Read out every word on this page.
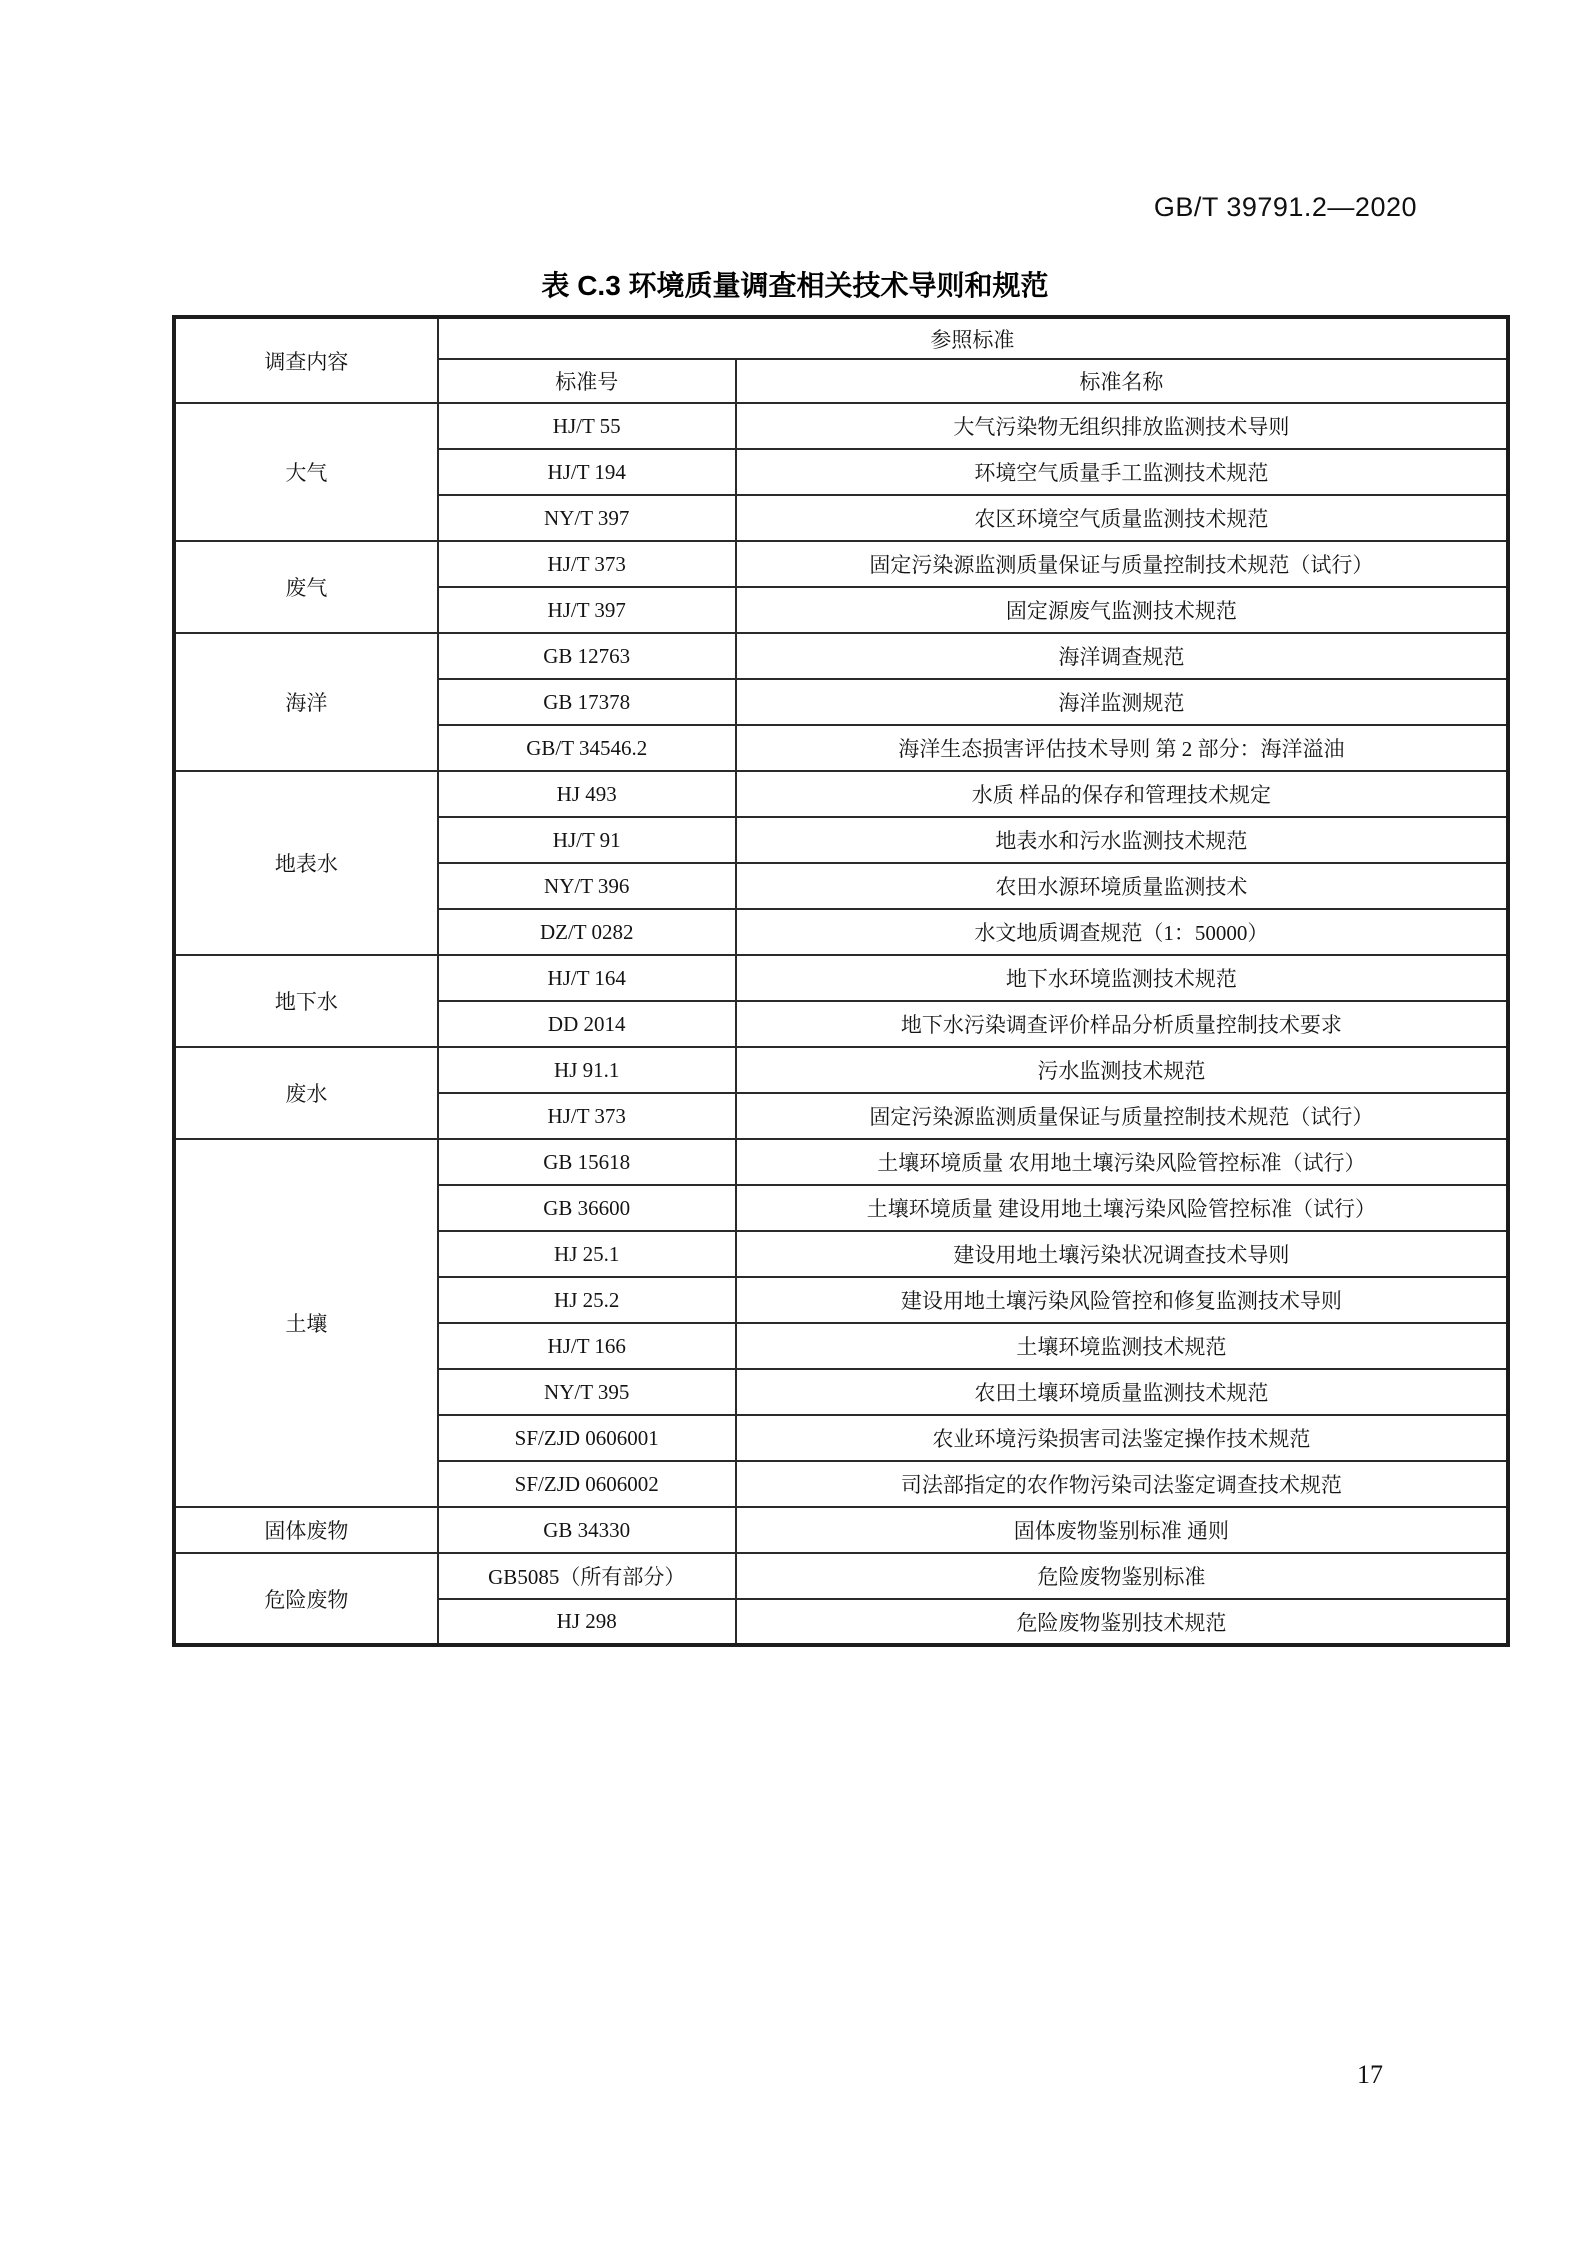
GB/T 39791.2—2020
表 C.3 环境质量调查相关技术导则和规范
调查内容	参照标准	
	标准号	标准名称
大气	HJ/T 55	大气污染物无组织排放监测技术导则
	HJ/T 194	环境空气质量手工监测技术规范
	NY/T 397	农区环境空气质量监测技术规范
废气	HJ/T 373	固定污染源监测质量保证与质量控制技术规范（试行）
	HJ/T 397	固定源废气监测技术规范
海洋	GB 12763	海洋调查规范
	GB 17378	海洋监测规范
	GB/T 34546.2	海洋生态损害评估技术导则 第 2 部分：海洋溢油
地表水	HJ 493	水质 样品的保存和管理技术规定
	HJ/T 91	地表水和污水监测技术规范
	NY/T 396	农田水源环境质量监测技术
	DZ/T 0282	水文地质调查规范（1：50000）
地下水	HJ/T 164	地下水环境监测技术规范
	DD 2014	地下水污染调查评价样品分析质量控制技术要求
废水	HJ 91.1	污水监测技术规范
	HJ/T 373	固定污染源监测质量保证与质量控制技术规范（试行）
土壤	GB 15618	土壤环境质量 农用地土壤污染风险管控标准（试行）
	GB 36600	土壤环境质量 建设用地土壤污染风险管控标准（试行）
	HJ 25.1	建设用地土壤污染状况调查技术导则
	HJ 25.2	建设用地土壤污染风险管控和修复监测技术导则
	HJ/T 166	土壤环境监测技术规范
	NY/T 395	农田土壤环境质量监测技术规范
	SF/ZJD 0606001	农业环境污染损害司法鉴定操作技术规范
	SF/ZJD 0606002	司法部指定的农作物污染司法鉴定调查技术规范
固体废物	GB 34330	固体废物鉴别标准 通则
危险废物	GB5085（所有部分）	危险废物鉴别标准
	HJ 298	危险废物鉴别技术规范
17
